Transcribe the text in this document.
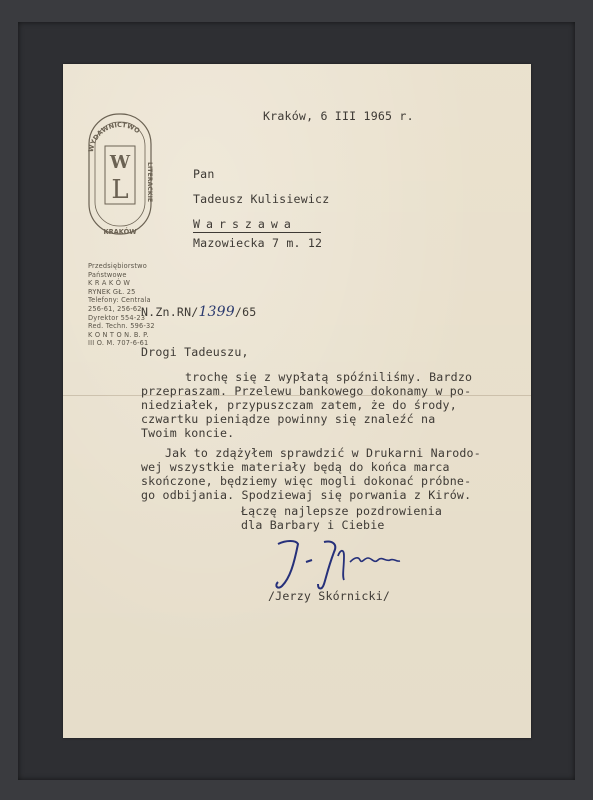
WYDAWNICTWO
LITERACKIE
KRAKÓW
W
L
Przedsiębiorstwo
Państwowe
K R A K Ó W
RYNEK GŁ. 25
Telefony: Centrala
256-61, 256-62
Dyrektor 554-23
Red. Techn. 596-32
K O N T O N. B. P.
III O. M. 707-6-61
Kraków, 6 III 1965 r.
Pan
Tadeusz Kulisiewicz
Warszawa
Mazowiecka 7 m. 12
N.Zn.RN/1399/65
Drogi Tadeuszu,
trochę się z wypłatą spóźniliśmy. Bardzo
przepraszam. Przelewu bankowego dokonamy w po-
niedziałek, przypuszczam zatem, że do środy,
czwartku pieniądze powinny się znaleźć na
Twoim koncie.
Jak to zdążyłem sprawdzić w Drukarni Narodo-
wej wszystkie materiały będą do końca marca
skończone, będziemy więc mogli dokonać próbne-
go odbijania. Spodziewaj się porwania z Kirów.
Łączę najlepsze pozdrowienia
dla Barbary i Ciebie
/Jerzy Skórnicki/
